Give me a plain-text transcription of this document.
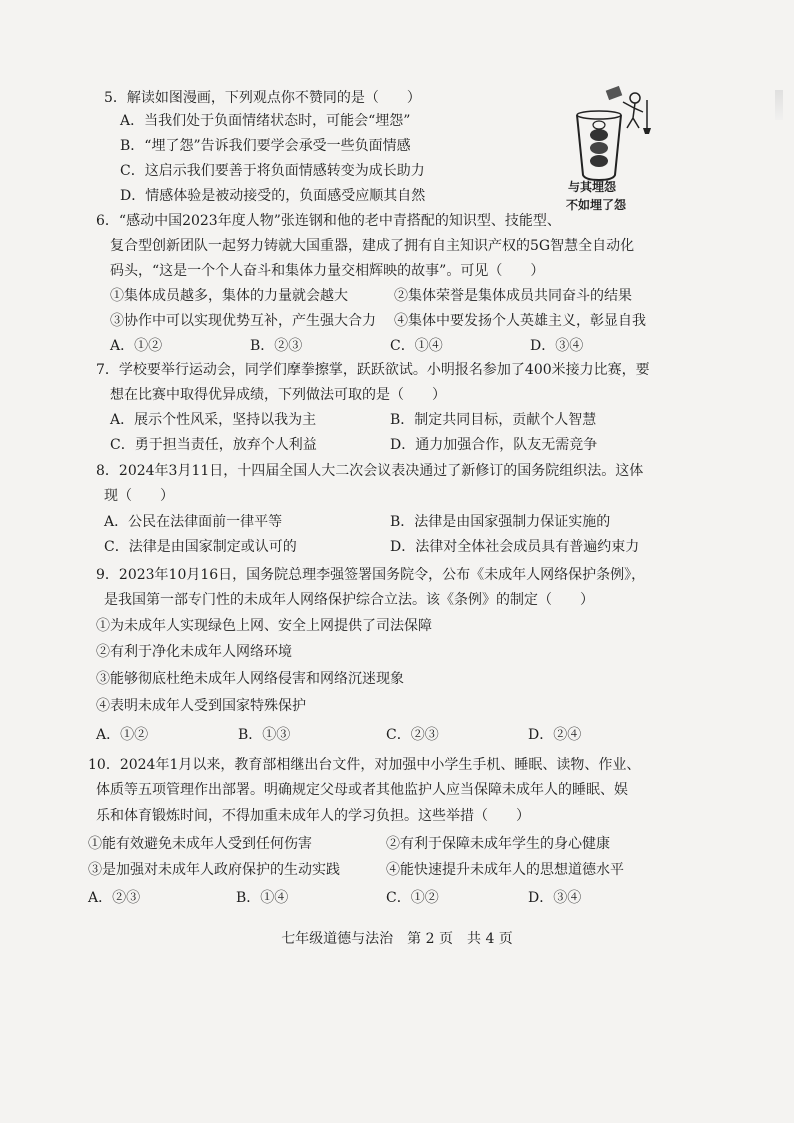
5．解读如图漫画，下列观点你不赞同的是（　　）
A．当我们处于负面情绪状态时，可能会“埋怨”
B．“埋了怨”告诉我们要学会承受一些负面情感
C．这启示我们要善于将负面情感转变为成长助力
D．情感体验是被动接受的，负面感受应顺其自然
与其埋怨
不如埋了怨
6．“感动中国2023年度人物”张连钢和他的老中青搭配的知识型、技能型、
复合型创新团队一起努力铸就大国重器，建成了拥有自主知识产权的5G智慧全自动化
码头，“这是一个个人奋斗和集体力量交相辉映的故事”。可见（　　）
①集体成员越多，集体的力量就会越大	②集体荣誉是集体成员共同奋斗的结果
③协作中可以实现优势互补，产生强大合力 ④集体中要发扬个人英雄主义，彰显自我
A．①②	B．②③	C．①④	D．③④
7．学校要举行运动会，同学们摩拳擦掌，跃跃欲试。小明报名参加了400米接力比赛，要
想在比赛中取得优异成绩，下列做法可取的是（　　）
A．展示个性风采，坚持以我为主	B．制定共同目标，贡献个人智慧
C．勇于担当责任，放弃个人利益	D．通力加强合作，队友无需竞争
8．2024年3月11日，十四届全国人大二次会议表决通过了新修订的国务院组织法。这体
现（　　）
A．公民在法律面前一律平等	B．法律是由国家强制力保证实施的
C．法律是由国家制定或认可的	D．法律对全体社会成员具有普遍约束力
9．2023年10月16日，国务院总理李强签署国务院令，公布《未成年人网络保护条例》，
是我国第一部专门性的未成年人网络保护综合立法。该《条例》的制定（　　）
①为未成年人实现绿色上网、安全上网提供了司法保障
②有利于净化未成年人网络环境
③能够彻底杜绝未成年人网络侵害和网络沉迷现象
④表明未成年人受到国家特殊保护
A．①②	B．①③	C．②③	D．②④
10．2024年1月以来，教育部相继出台文件，对加强中小学生手机、睡眠、读物、作业、
体质等五项管理作出部署。明确规定父母或者其他监护人应当保障未成年人的睡眠、娱
乐和体育锻炼时间，不得加重未成年人的学习负担。这些举措（　　）
①能有效避免未成年人受到任何伤害	②有利于保障未成年学生的身心健康
③是加强对未成年人政府保护的生动实践	④能快速提升未成年人的思想道德水平
A．②③	B．①④	C．①②	D．③④
七年级道德与法治　第 2 页　共 4 页
